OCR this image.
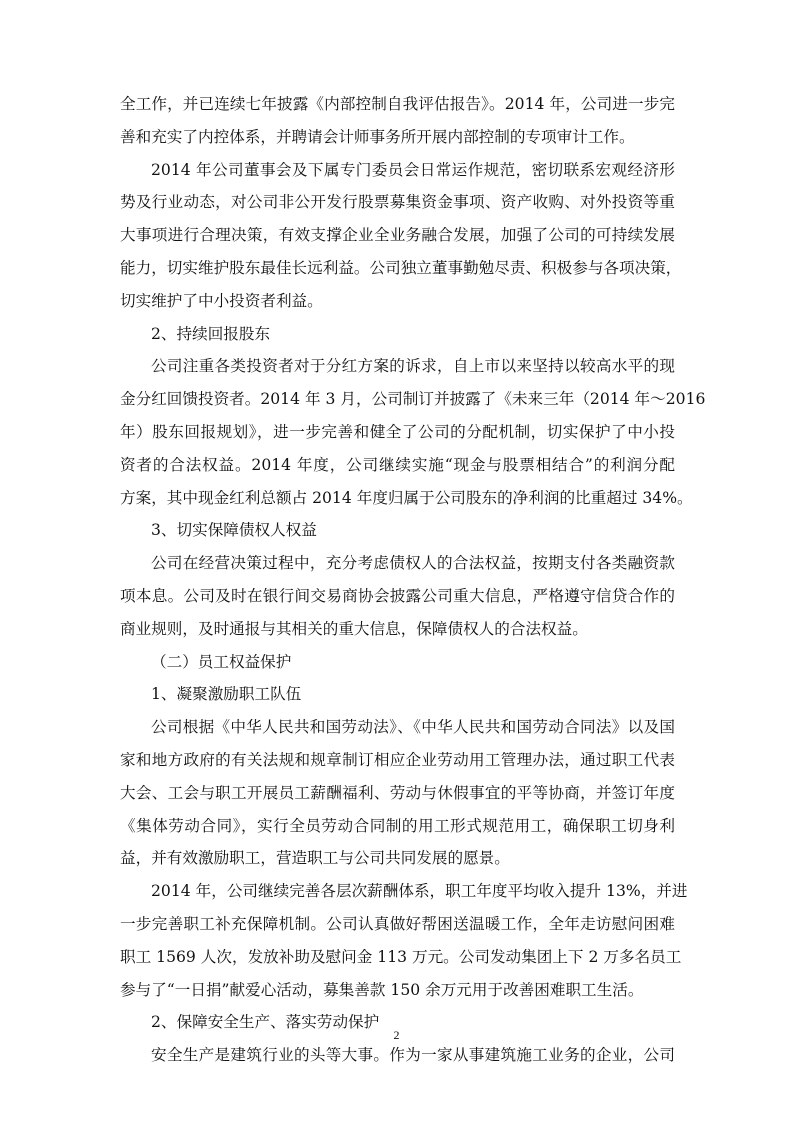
全工作，并已连续七年披露《内部控制自我评估报告》。2014 年，公司进一步完
善和充实了内控体系，并聘请会计师事务所开展内部控制的专项审计工作。
2014 年公司董事会及下属专门委员会日常运作规范，密切联系宏观经济形
势及行业动态，对公司非公开发行股票募集资金事项、资产收购、对外投资等重
大事项进行合理决策，有效支撑企业全业务融合发展，加强了公司的可持续发展
能力，切实维护股东最佳长远利益。公司独立董事勤勉尽责、积极参与各项决策，
切实维护了中小投资者利益。
2、持续回报股东
公司注重各类投资者对于分红方案的诉求，自上市以来坚持以较高水平的现
金分红回馈投资者。2014 年 3 月，公司制订并披露了《未来三年（2014 年～2016
年）股东回报规划》，进一步完善和健全了公司的分配机制，切实保护了中小投
资者的合法权益。2014 年度，公司继续实施“现金与股票相结合”的利润分配
方案，其中现金红利总额占 2014 年度归属于公司股东的净利润的比重超过 34%。
3、切实保障债权人权益
公司在经营决策过程中，充分考虑债权人的合法权益，按期支付各类融资款
项本息。公司及时在银行间交易商协会披露公司重大信息，严格遵守信贷合作的
商业规则，及时通报与其相关的重大信息，保障债权人的合法权益。
（二）员工权益保护
1、凝聚激励职工队伍
公司根据《中华人民共和国劳动法》、《中华人民共和国劳动合同法》以及国
家和地方政府的有关法规和规章制订相应企业劳动用工管理办法，通过职工代表
大会、工会与职工开展员工薪酬福利、劳动与休假事宜的平等协商，并签订年度
《集体劳动合同》，实行全员劳动合同制的用工形式规范用工，确保职工切身利
益，并有效激励职工，营造职工与公司共同发展的愿景。
2014 年，公司继续完善各层次薪酬体系，职工年度平均收入提升 13%，并进
一步完善职工补充保障机制。公司认真做好帮困送温暖工作，全年走访慰问困难
职工 1569 人次，发放补助及慰问金 113 万元。公司发动集团上下 2 万多名员工
参与了“一日捐”献爱心活动，募集善款 150 余万元用于改善困难职工生活。
2、保障安全生产、落实劳动保护
安全生产是建筑行业的头等大事。作为一家从事建筑施工业务的企业，公司
2
